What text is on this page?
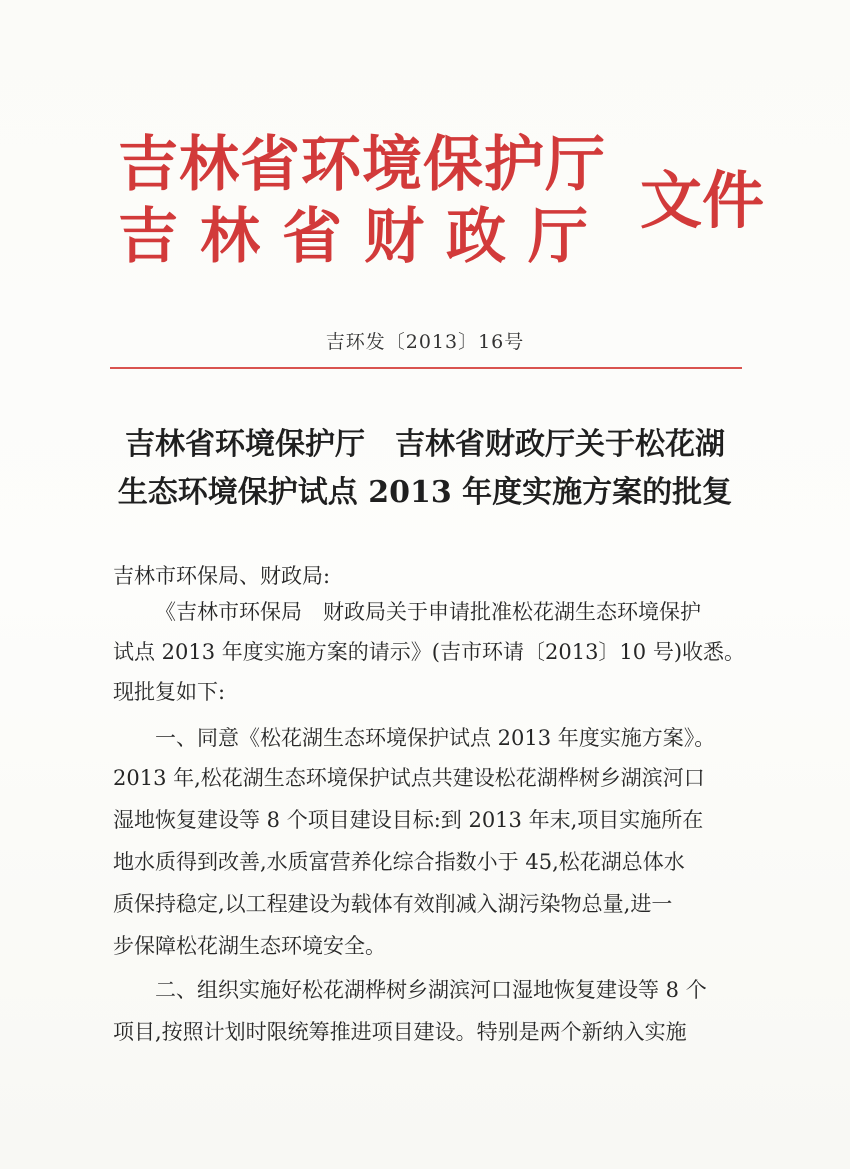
吉林省环境保护厅
吉林省财政厅 文件
吉环发〔2013〕16号
吉林省环境保护厅　吉林省财政厅关于松花湖
生态环境保护试点 2013 年度实施方案的批复
吉林市环保局、财政局:
《吉林市环保局　财政局关于申请批准松花湖生态环境保护
试点 2013 年度实施方案的请示》(吉市环请〔2013〕10 号)收悉。
现批复如下:
一、同意《松花湖生态环境保护试点 2013 年度实施方案》。
2013 年,松花湖生态环境保护试点共建设松花湖桦树乡湖滨河口
湿地恢复建设等 8 个项目建设目标:到 2013 年末,项目实施所在
地水质得到改善,水质富营养化综合指数小于 45,松花湖总体水
质保持稳定,以工程建设为载体有效削减入湖污染物总量,进一
步保障松花湖生态环境安全。
二、组织实施好松花湖桦树乡湖滨河口湿地恢复建设等 8 个
项目,按照计划时限统筹推进项目建设。特别是两个新纳入实施
